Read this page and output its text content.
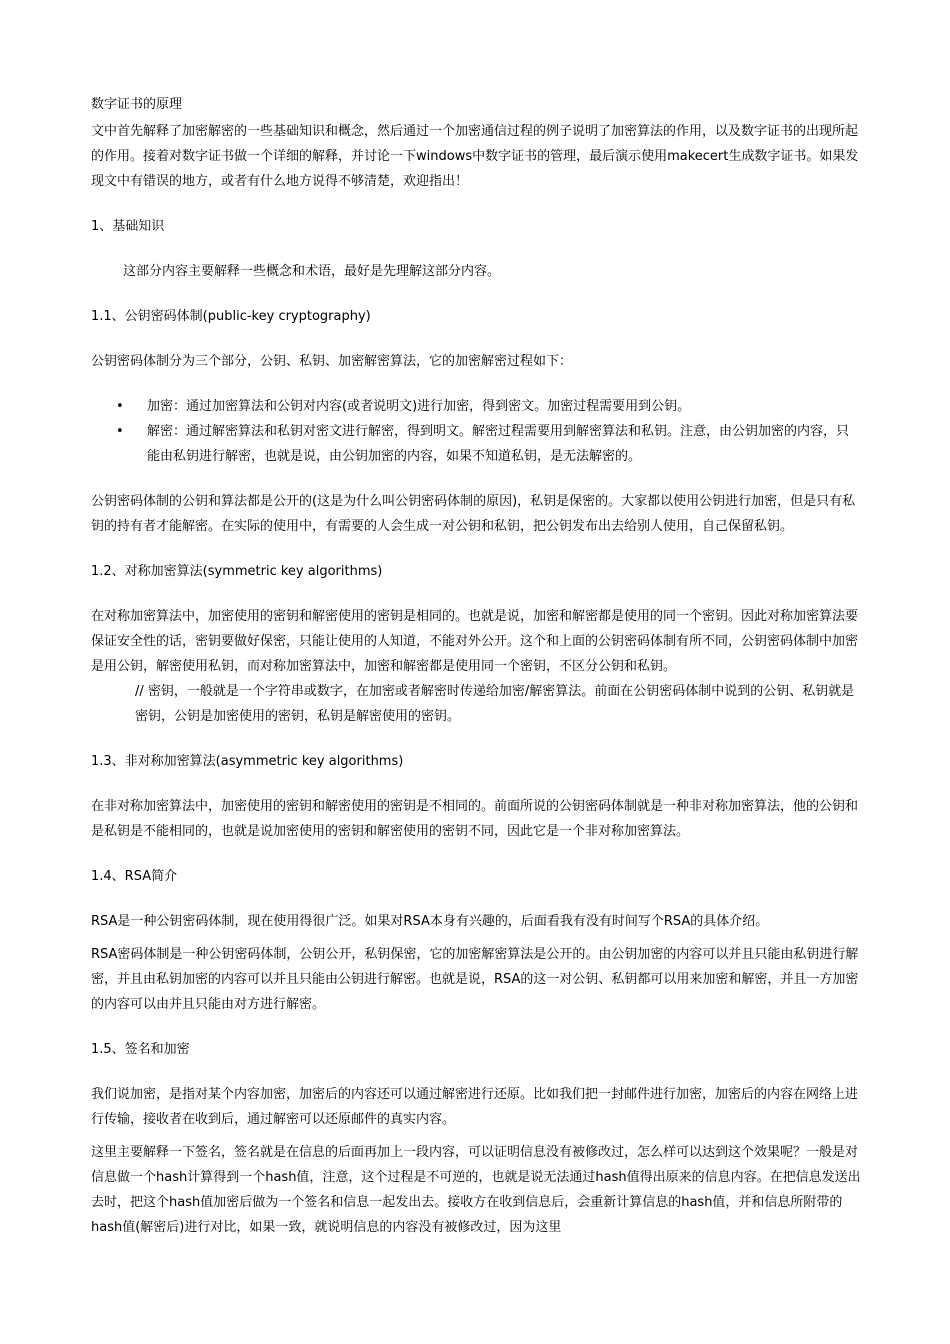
数字证书的原理

文中首先解释了加密解密的一些基础知识和概念，然后通过一个加密通信过程的例子说明了加密算法的作用，以及数字证书的出现所起的作用。接着对数字证书做一个详细的解释，并讨论一下windows中数字证书的管理，最后演示使用makecert生成数字证书。如果发现文中有错误的地方，或者有什么地方说得不够清楚，欢迎指出！

1、基础知识

这部分内容主要解释一些概念和术语，最好是先理解这部分内容。

1.1、公钥密码体制(public-key cryptography)

公钥密码体制分为三个部分，公钥、私钥、加密解密算法，它的加密解密过程如下：

• 加密：通过加密算法和公钥对内容(或者说明文)进行加密，得到密文。加密过程需要用到公钥。
• 解密：通过解密算法和私钥对密文进行解密，得到明文。解密过程需要用到解密算法和私钥。注意，由公钥加密的内容，只能由私钥进行解密，也就是说，由公钥加密的内容，如果不知道私钥，是无法解密的。

公钥密码体制的公钥和算法都是公开的(这是为什么叫公钥密码体制的原因)，私钥是保密的。大家都以使用公钥进行加密，但是只有私钥的持有者才能解密。在实际的使用中，有需要的人会生成一对公钥和私钥，把公钥发布出去给别人使用，自己保留私钥。

1.2、对称加密算法(symmetric key algorithms)

在对称加密算法中，加密使用的密钥和解密使用的密钥是相同的。也就是说，加密和解密都是使用的同一个密钥。因此对称加密算法要保证安全性的话，密钥要做好保密，只能让使用的人知道，不能对外公开。这个和上面的公钥密码体制有所不同，公钥密码体制中加密是用公钥，解密使用私钥，而对称加密算法中，加密和解密都是使用同一个密钥，不区分公钥和私钥。

// 密钥，一般就是一个字符串或数字，在加密或者解密时传递给加密/解密算法。前面在公钥密码体制中说到的公钥、私钥就是密钥，公钥是加密使用的密钥，私钥是解密使用的密钥。

1.3、非对称加密算法(asymmetric key algorithms)

在非对称加密算法中，加密使用的密钥和解密使用的密钥是不相同的。前面所说的公钥密码体制就是一种非对称加密算法，他的公钥和是私钥是不能相同的，也就是说加密使用的密钥和解密使用的密钥不同，因此它是一个非对称加密算法。

1.4、RSA简介

RSA是一种公钥密码体制，现在使用得很广泛。如果对RSA本身有兴趣的，后面看我有没有时间写个RSA的具体介绍。

RSA密码体制是一种公钥密码体制，公钥公开，私钥保密，它的加密解密算法是公开的。由公钥加密的内容可以并且只能由私钥进行解密，并且由私钥加密的内容可以并且只能由公钥进行解密。也就是说，RSA的这一对公钥、私钥都可以用来加密和解密，并且一方加密的内容可以由并且只能由对方进行解密。

1.5、签名和加密

我们说加密，是指对某个内容加密，加密后的内容还可以通过解密进行还原。比如我们把一封邮件进行加密，加密后的内容在网络上进行传输，接收者在收到后，通过解密可以还原邮件的真实内容。

这里主要解释一下签名，签名就是在信息的后面再加上一段内容，可以证明信息没有被修改过，怎么样可以达到这个效果呢？一般是对信息做一个hash计算得到一个hash值，注意，这个过程是不可逆的，也就是说无法通过hash值得出原来的信息内容。在把信息发送出去时，把这个hash值加密后做为一个签名和信息一起发出去。接收方在收到信息后，会重新计算信息的hash值，并和信息所附带的hash值(解密后)进行对比，如果一致，就说明信息的内容没有被修改过，因为这里
